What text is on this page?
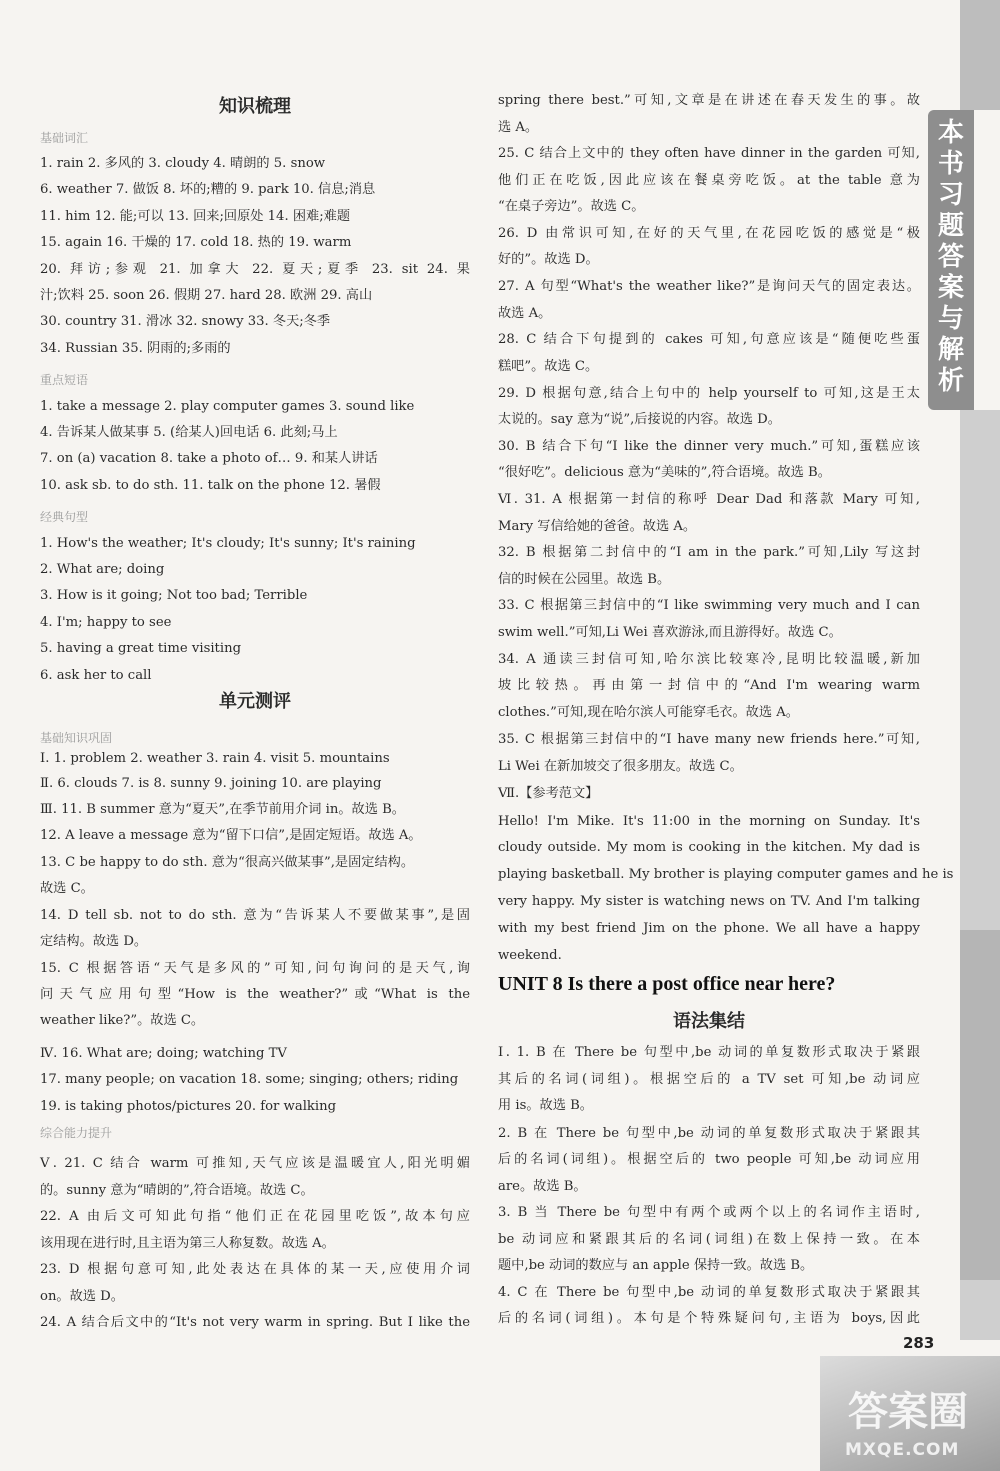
本
书
习
题
答
案
与
解
析
知识梳理
基础词汇
1. rain 2. 多风的 3. cloudy 4. 晴朗的 5. snow
6. weather 7. 做饭 8. 坏的;糟的 9. park 10. 信息;消息
11. him 12. 能;可以 13. 回来;回原处 14. 困难;难题
15. again 16. 干燥的 17. cold 18. 热的 19. warm
20. 拜访;参观 21. 加拿大 22. 夏天;夏季 23. sit 24. 果
汁;饮料 25. soon 26. 假期 27. hard 28. 欧洲 29. 高山
30. country 31. 滑冰 32. snowy 33. 冬天;冬季
34. Russian 35. 阴雨的;多雨的
重点短语
1. take a message 2. play computer games 3. sound like
4. 告诉某人做某事 5. (给某人)回电话 6. 此刻;马上
7. on (a) vacation 8. take a photo of… 9. 和某人讲话
10. ask sb. to do sth. 11. talk on the phone 12. 暑假
经典句型
1. How's the weather; It's cloudy; It's sunny; It's raining
2. What are; doing
3. How is it going; Not too bad; Terrible
4. I'm; happy to see
5. having a great time visiting
6. ask her to call
单元测评
基础知识巩固
Ⅰ. 1. problem 2. weather 3. rain 4. visit 5. mountains
Ⅱ. 6. clouds 7. is 8. sunny 9. joining 10. are playing
Ⅲ. 11. B summer 意为“夏天”,在季节前用介词 in。故选 B。
12. A leave a message 意为“留下口信”,是固定短语。故选 A。
13. C be happy to do sth. 意为“很高兴做某事”,是固定结构。
故选 C。
14. D tell sb. not to do sth. 意为“告诉某人不要做某事”,是固
定结构。故选 D。
15. C 根据答语“天气是多风的”可知,问句询问的是天气,询
问天气应用句型“How is the weather?”或“What is the
weather like?”。故选 C。
Ⅳ. 16. What are; doing; watching TV
17. many people; on vacation 18. some; singing; others; riding
19. is taking photos/pictures 20. for walking
综合能力提升
Ⅴ. 21. C 结合 warm 可推知,天气应该是温暖宜人,阳光明媚
的。sunny 意为“晴朗的”,符合语境。故选 C。
22. A 由后文可知此句指“他们正在花园里吃饭”,故本句应
该用现在进行时,且主语为第三人称复数。故选 A。
23. D 根据句意可知,此处表达在具体的某一天,应使用介词
on。故选 D。
24. A 结合后文中的“It's not very warm in spring. But I like the
spring there best.”可知,文章是在讲述在春天发生的事。故
选 A。
25. C 结合上文中的 they often have dinner in the garden 可知,
他们正在吃饭,因此应该在餐桌旁吃饭。at the table 意为
“在桌子旁边”。故选 C。
26. D 由常识可知,在好的天气里,在花园吃饭的感觉是“极
好的”。故选 D。
27. A 句型“What's the weather like?”是询问天气的固定表达。
故选 A。
28. C 结合下句提到的 cakes 可知,句意应该是“随便吃些蛋
糕吧”。故选 C。
29. D 根据句意,结合上句中的 help yourself to 可知,这是王太
太说的。say 意为“说”,后接说的内容。故选 D。
30. B 结合下句“I like the dinner very much.”可知,蛋糕应该
“很好吃”。delicious 意为“美味的”,符合语境。故选 B。
Ⅵ. 31. A 根据第一封信的称呼 Dear Dad 和落款 Mary 可知,
Mary 写信给她的爸爸。故选 A。
32. B 根据第二封信中的“I am in the park.”可知,Lily 写这封
信的时候在公园里。故选 B。
33. C 根据第三封信中的“I like swimming very much and I can
swim well.”可知,Li Wei 喜欢游泳,而且游得好。故选 C。
34. A 通读三封信可知,哈尔滨比较寒冷,昆明比较温暖,新加
坡比较热。再由第一封信中的“And I'm wearing warm
clothes.”可知,现在哈尔滨人可能穿毛衣。故选 A。
35. C 根据第三封信中的“I have many new friends here.”可知,
Li Wei 在新加坡交了很多朋友。故选 C。
Ⅶ.【参考范文】
Hello! I'm Mike. It's 11:00 in the morning on Sunday. It's
cloudy outside. My mom is cooking in the kitchen. My dad is
playing basketball. My brother is playing computer games and he is
very happy. My sister is watching news on TV. And I'm talking
with my best friend Jim on the phone. We all have a happy
weekend.
UNIT 8 Is there a post office near here?
语法集结
Ⅰ. 1. B 在 There be 句型中,be 动词的单复数形式取决于紧跟
其后的名词(词组)。根据空后的 a TV set 可知,be 动词应
用 is。故选 B。
2. B 在 There be 句型中,be 动词的单复数形式取决于紧跟其
后的名词(词组)。根据空后的 two people 可知,be 动词应用
are。故选 B。
3. B 当 There be 句型中有两个或两个以上的名词作主语时,
be 动词应和紧跟其后的名词(词组)在数上保持一致。在本
题中,be 动词的数应与 an apple 保持一致。故选 B。
4. C 在 There be 句型中,be 动词的单复数形式取决于紧跟其
后的名词(词组)。本句是个特殊疑问句,主语为 boys,因此
答案圈
MXQE.COM
283
